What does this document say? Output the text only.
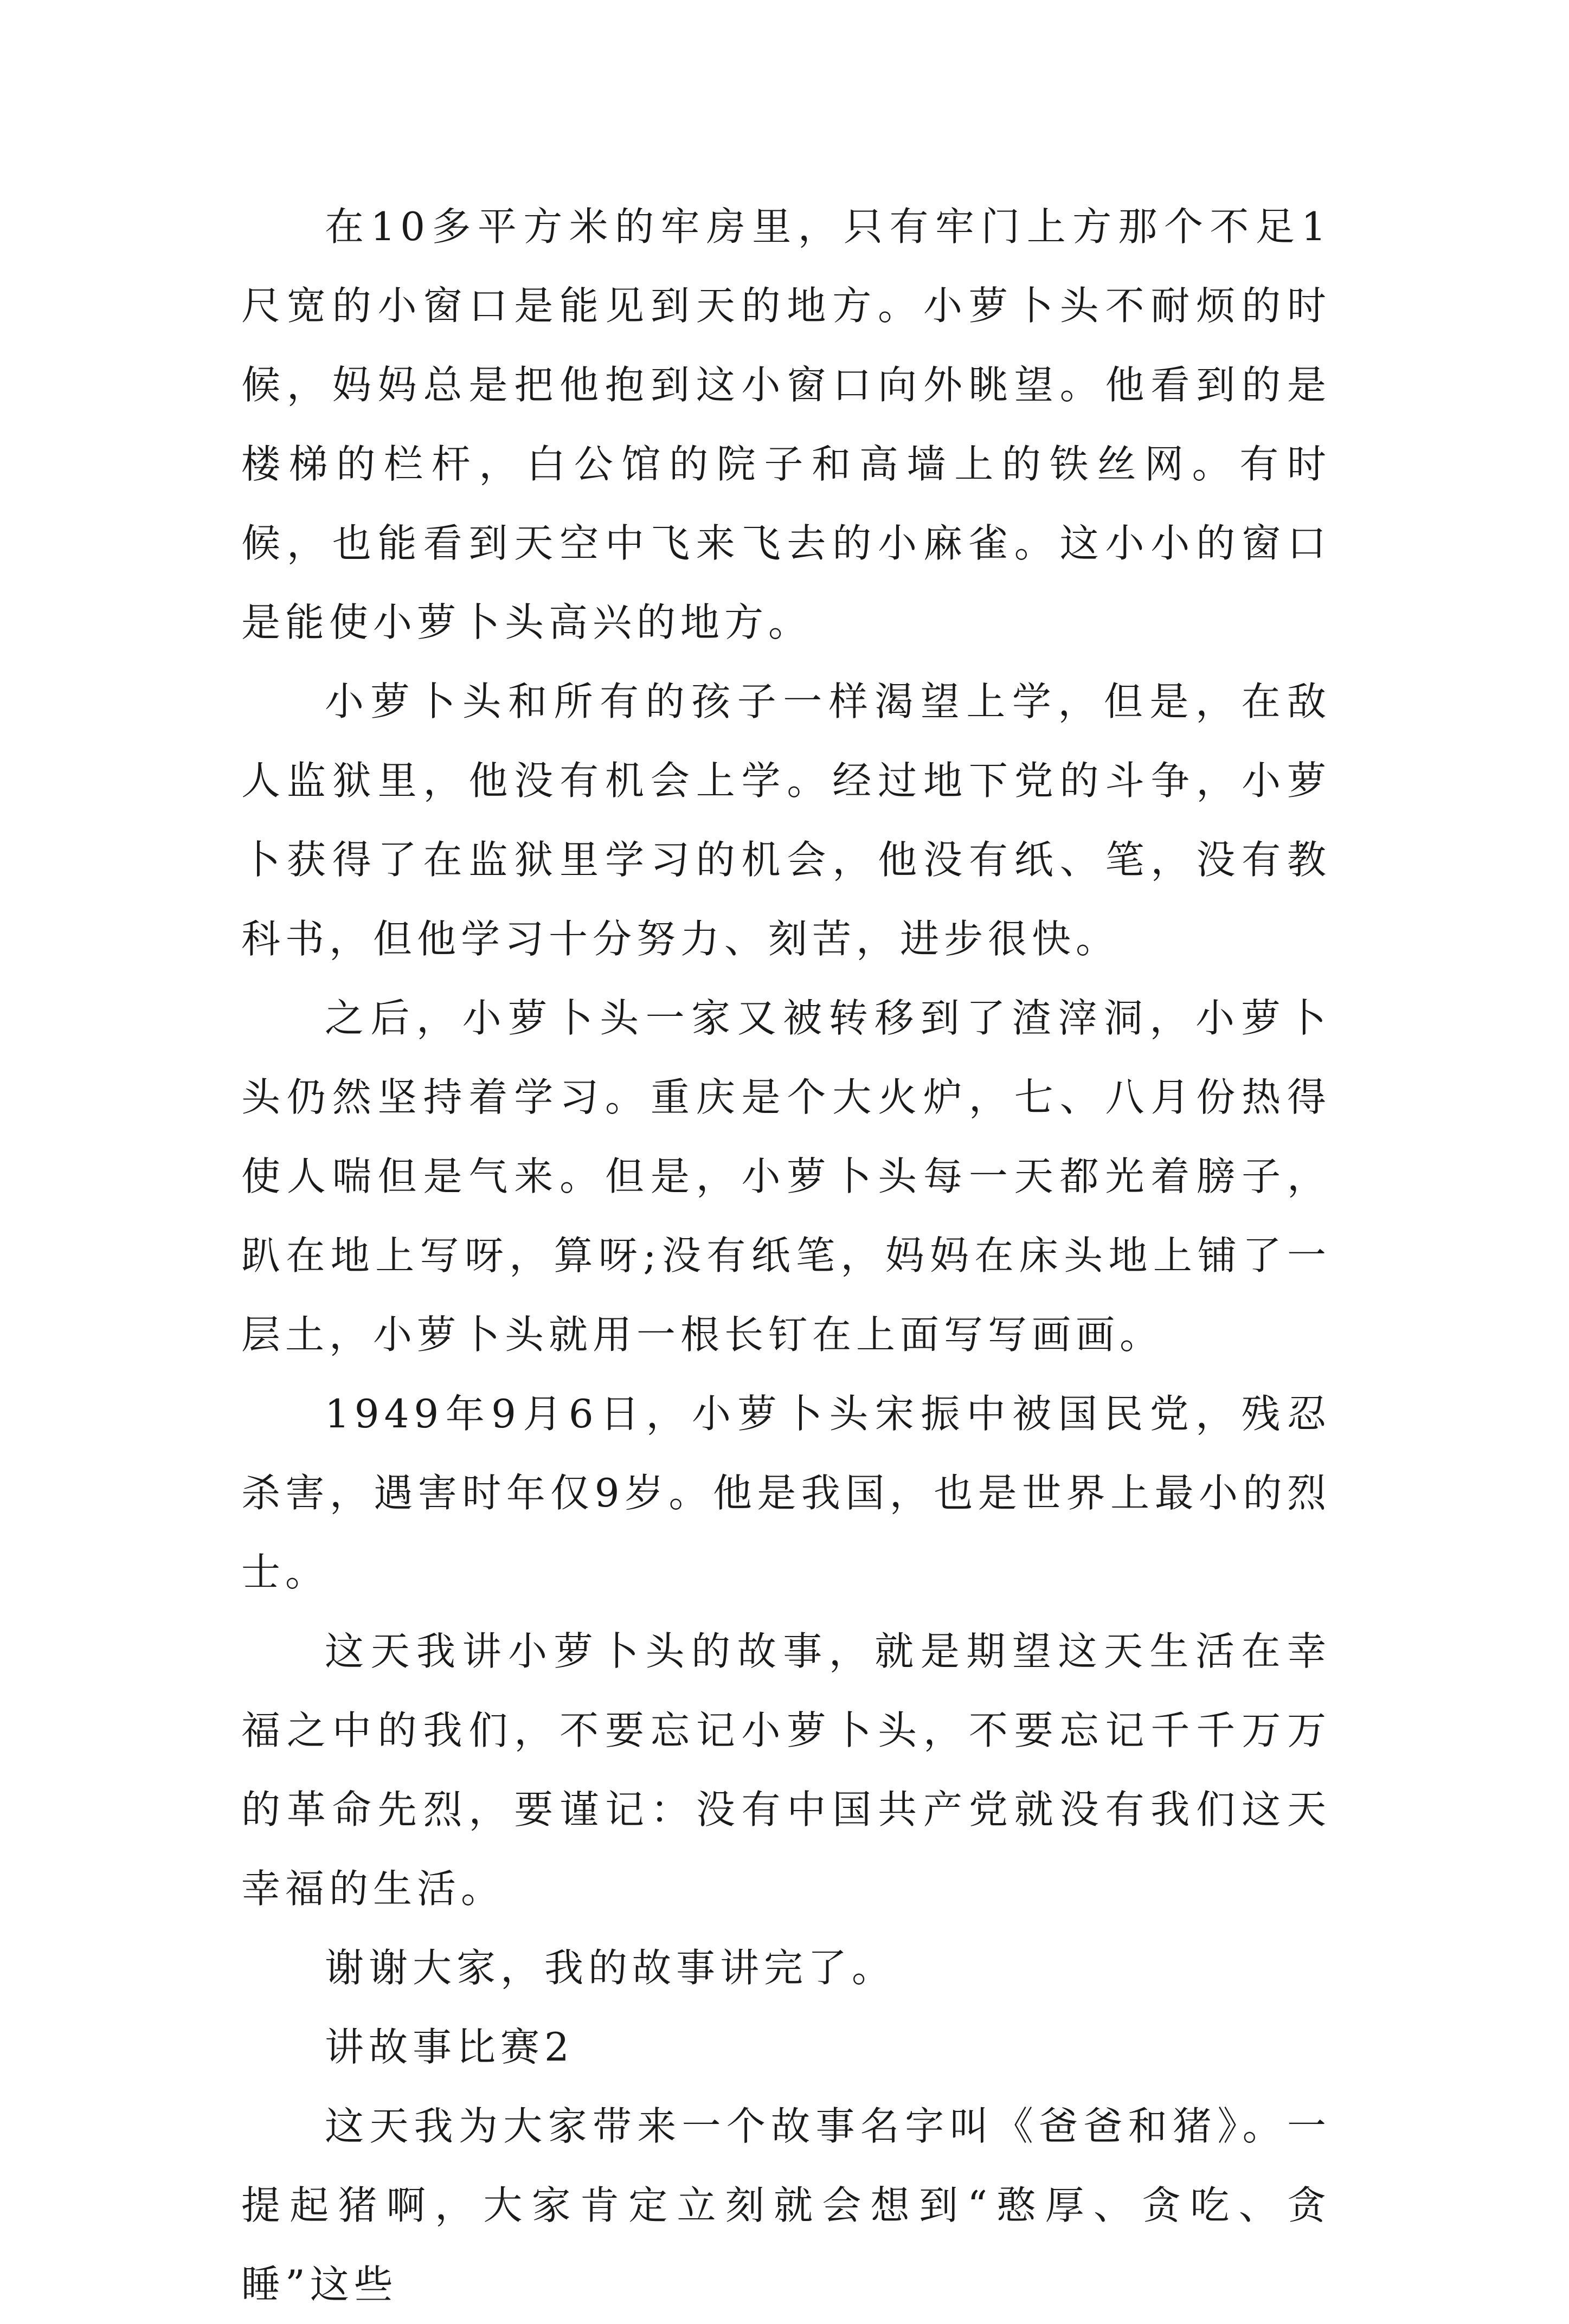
在10多平方米的牢房里，只有牢门上方那个不足1尺宽的小窗口是能见到天的地方。小萝卜头不耐烦的时候，妈妈总是把他抱到这小窗口向外眺望。他看到的是楼梯的栏杆，白公馆的院子和高墙上的铁丝网。有时候，也能看到天空中飞来飞去的小麻雀。这小小的窗口是能使小萝卜头高兴的地方。

小萝卜头和所有的孩子一样渴望上学，但是，在敌人监狱里，他没有机会上学。经过地下党的斗争，小萝卜获得了在监狱里学习的机会，他没有纸、笔，没有教科书，但他学习十分努力、刻苦，进步很快。

之后，小萝卜头一家又被转移到了渣滓洞，小萝卜头仍然坚持着学习。重庆是个大火炉，七、八月份热得使人喘但是气来。但是，小萝卜头每一天都光着膀子，趴在地上写呀，算呀;没有纸笔，妈妈在床头地上铺了一层土，小萝卜头就用一根长钉在上面写写画画。

1949年9月6日，小萝卜头宋振中被国民党，残忍杀害，遇害时年仅9岁。他是我国，也是世界上最小的烈士。

这天我讲小萝卜头的故事，就是期望这天生活在幸福之中的我们，不要忘记小萝卜头，不要忘记千千万万的革命先烈，要谨记：没有中国共产党就没有我们这天幸福的生活。

谢谢大家，我的故事讲完了。

讲故事比赛2

这天我为大家带来一个故事名字叫《爸爸和猪》。一提起猪啊，大家肯定立刻就会想到“憨厚、贪吃、贪睡”这些
